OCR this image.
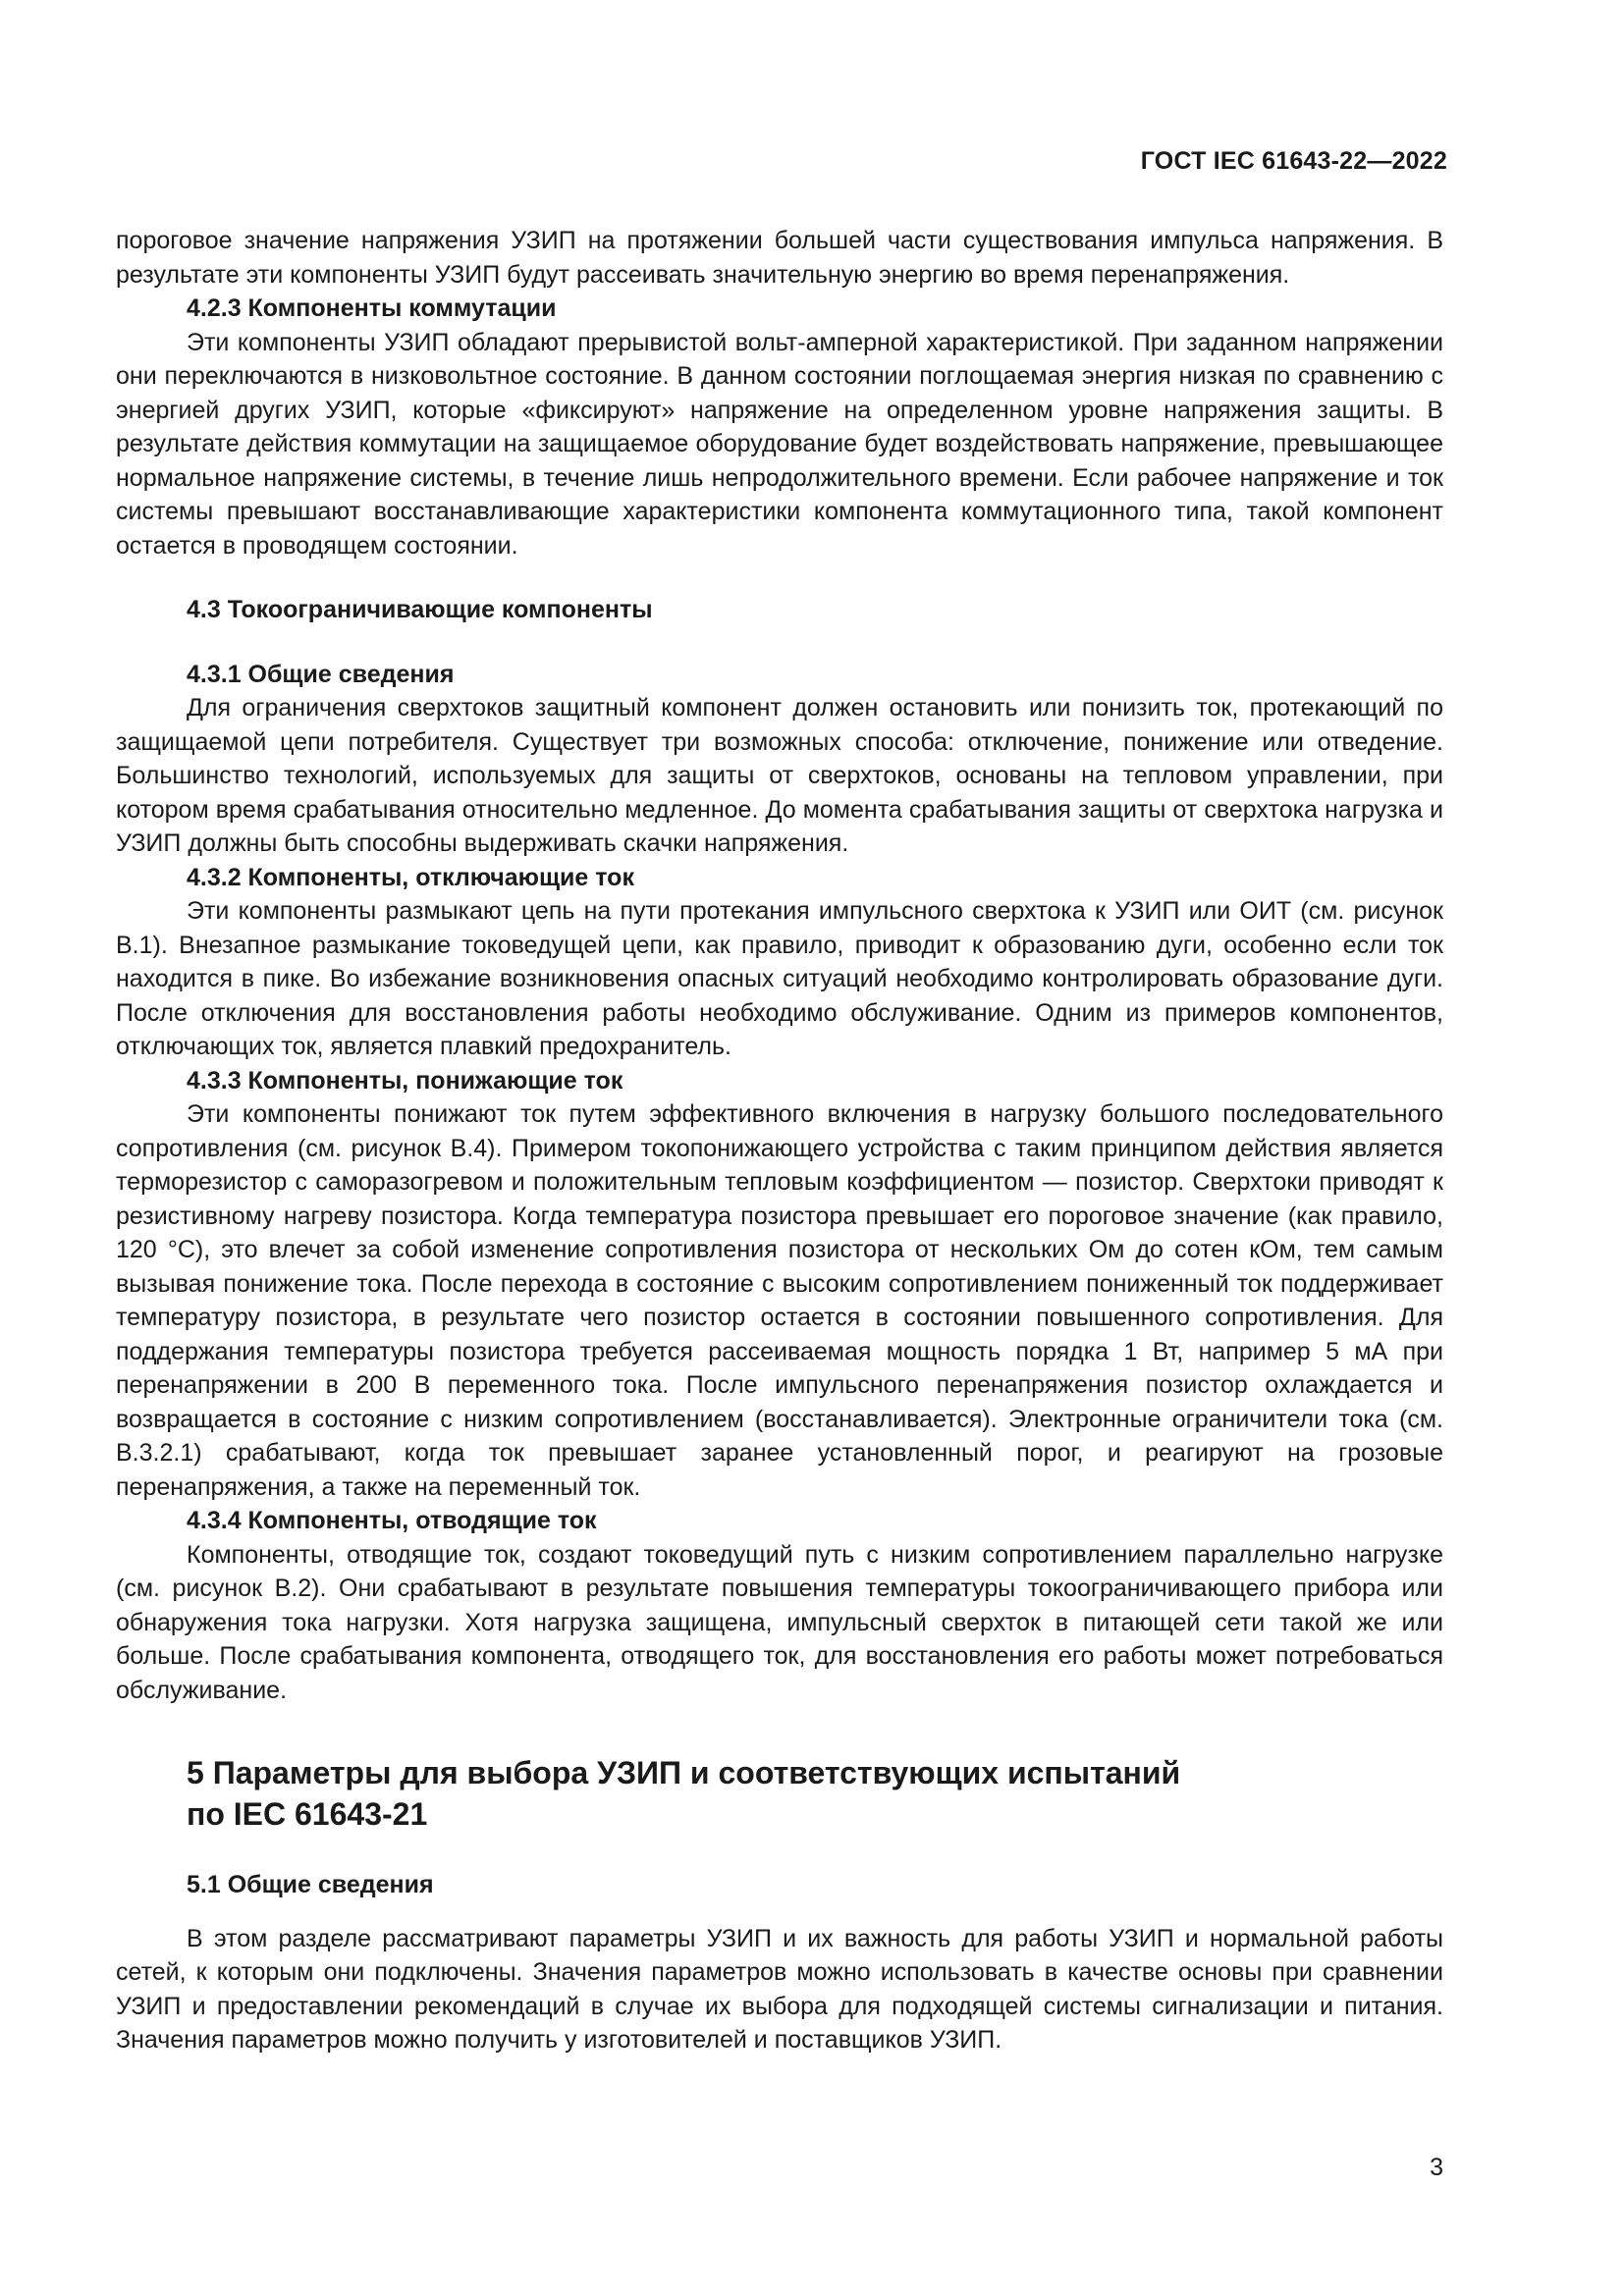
ГОСТ IEC 61643-22—2022

пороговое значение напряжения УЗИП на протяжении большей части существования импульса напряжения. В результате эти компоненты УЗИП будут рассеивать значительную энергию во время перенапряжения.

4.2.3 Компоненты коммутации

Эти компоненты УЗИП обладают прерывистой вольт-амперной характеристикой. При заданном напряжении они переключаются в низковольтное состояние. В данном состоянии поглощаемая энергия низкая по сравнению с энергией других УЗИП, которые «фиксируют» напряжение на определенном уровне напряжения защиты. В результате действия коммутации на защищаемое оборудование будет воздействовать напряжение, превышающее нормальное напряжение системы, в течение лишь непродолжительного времени. Если рабочее напряжение и ток системы превышают восстанавливающие характеристики компонента коммутационного типа, такой компонент остается в проводящем состоянии.

4.3 Токоограничивающие компоненты
4.3.1 Общие сведения

Для ограничения сверхтоков защитный компонент должен остановить или понизить ток, протекающий по защищаемой цепи потребителя. Существует три возможных способа: отключение, понижение или отведение. Большинство технологий, используемых для защиты от сверхтоков, основаны на тепловом управлении, при котором время срабатывания относительно медленное. До момента срабатывания защиты от сверхтока нагрузка и УЗИП должны быть способны выдерживать скачки напряжения.

4.3.2 Компоненты, отключающие ток

Эти компоненты размыкают цепь на пути протекания импульсного сверхтока к УЗИП или ОИТ (см. рисунок В.1). Внезапное размыкание токоведущей цепи, как правило, приводит к образованию дуги, особенно если ток находится в пике. Во избежание возникновения опасных ситуаций необходимо контролировать образование дуги. После отключения для восстановления работы необходимо обслуживание. Одним из примеров компонентов, отключающих ток, является плавкий предохранитель.

4.3.3 Компоненты, понижающие ток

Эти компоненты понижают ток путем эффективного включения в нагрузку большого последовательного сопротивления (см. рисунок В.4). Примером токопонижающего устройства с таким принципом действия является терморезистор с саморазогревом и положительным тепловым коэффициентом — позистор. Сверхтоки приводят к резистивному нагреву позистора. Когда температура позистора превышает его пороговое значение (как правило, 120 °С), это влечет за собой изменение сопротивления позистора от нескольких Ом до сотен кОм, тем самым вызывая понижение тока. После перехода в состояние с высоким сопротивлением пониженный ток поддерживает температуру позистора, в результате чего позистор остается в состоянии повышенного сопротивления. Для поддержания температуры позистора требуется рассеиваемая мощность порядка 1 Вт, например 5 мА при перенапряжении в 200 В переменного тока. После импульсного перенапряжения позистор охлаждается и возвращается в состояние с низким сопротивлением (восстанавливается). Электронные ограничители тока (см. В.3.2.1) срабатывают, когда ток превышает заранее установленный порог, и реагируют на грозовые перенапряжения, а также на переменный ток.

4.3.4 Компоненты, отводящие ток

Компоненты, отводящие ток, создают токоведущий путь с низким сопротивлением параллельно нагрузке (см. рисунок В.2). Они срабатывают в результате повышения температуры токоограничивающего прибора или обнаружения тока нагрузки. Хотя нагрузка защищена, импульсный сверхток в питающей сети такой же или больше. После срабатывания компонента, отводящего ток, для восстановления его работы может потребоваться обслуживание.

5 Параметры для выбора УЗИП и соответствующих испытаний
по IEC 61643-21
5.1 Общие сведения

В этом разделе рассматривают параметры УЗИП и их важность для работы УЗИП и нормальной работы сетей, к которым они подключены. Значения параметров можно использовать в качестве основы при сравнении УЗИП и предоставлении рекомендаций в случае их выбора для подходящей системы сигнализации и питания. Значения параметров можно получить у изготовителей и поставщиков УЗИП.

3
